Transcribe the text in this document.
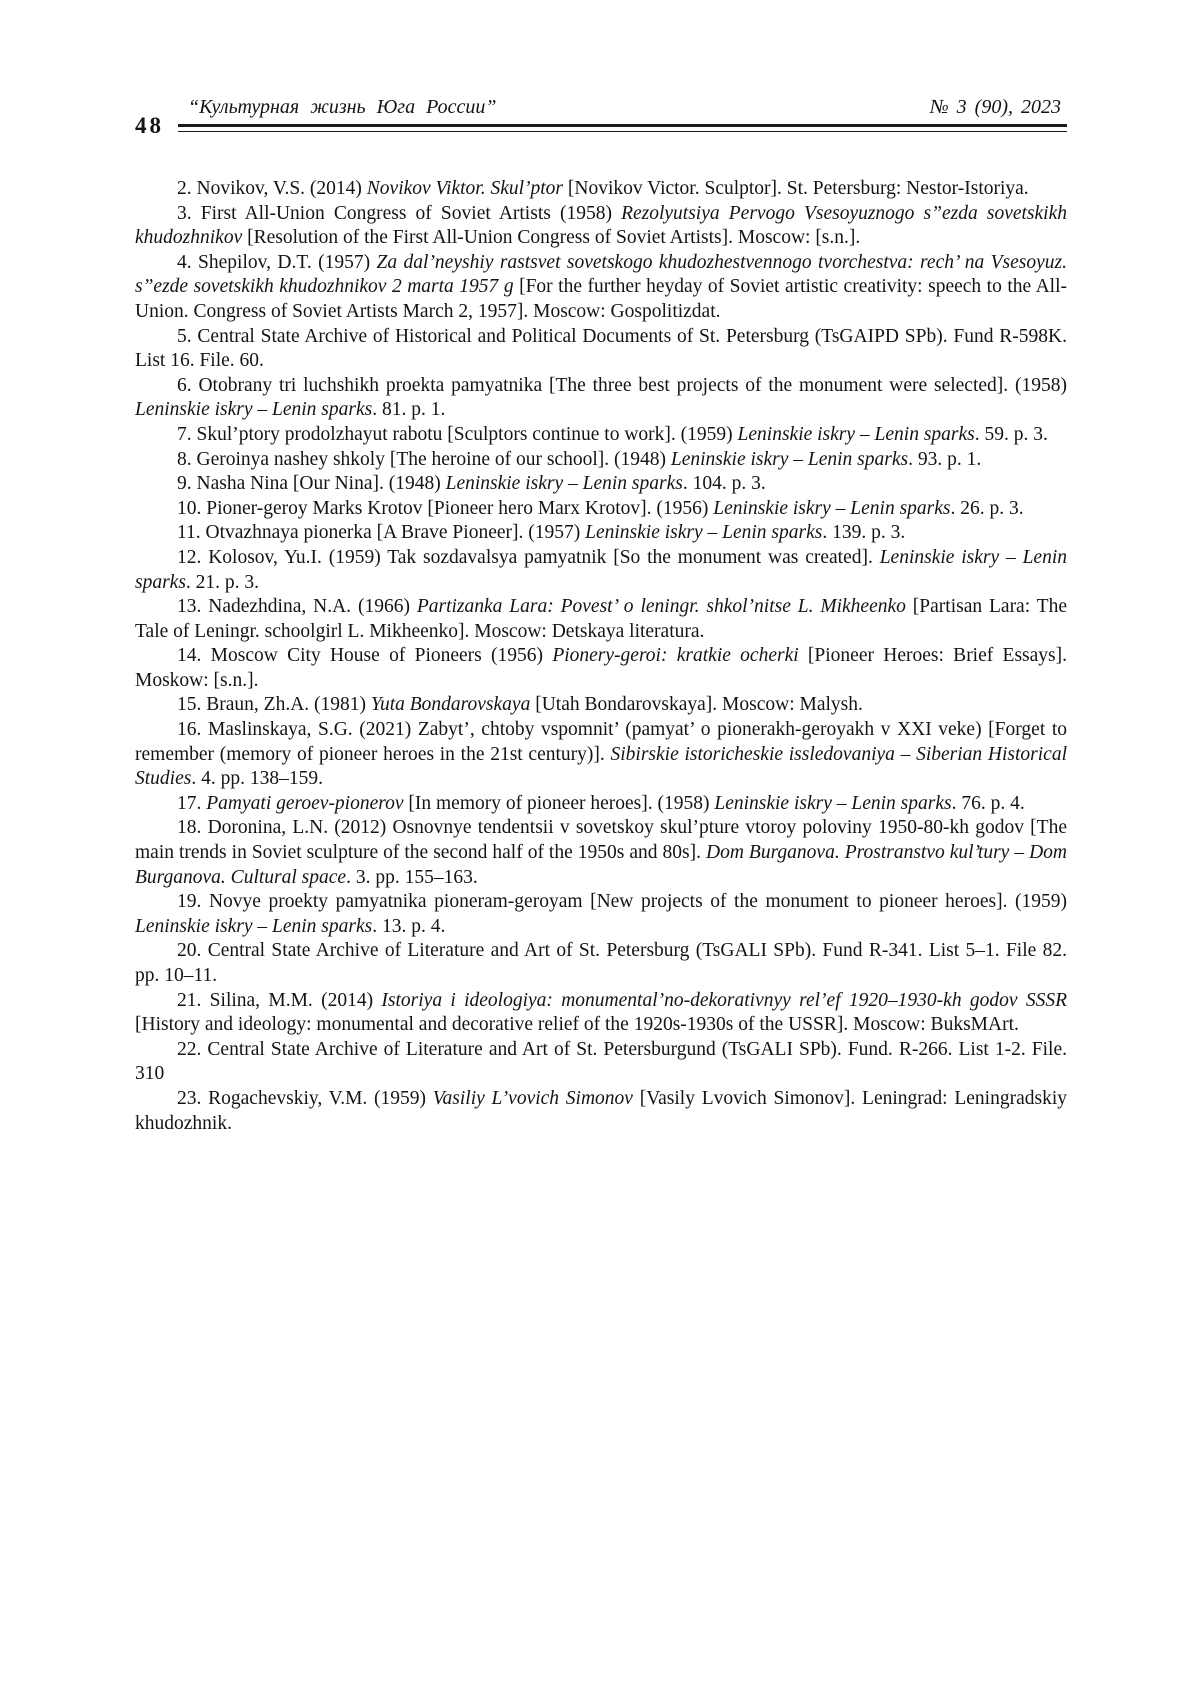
48
“Культурная жизнь Юга России”	№ 3 (90), 2023

2. Novikov, V.S. (2014) Novikov Viktor. Skul’ptor [Novikov Victor. Sculptor]. St. Petersburg: Nestor-Istoriya.

3. First All-Union Congress of Soviet Artists (1958) Rezolyutsiya Pervogo Vsesoyuznogo s”ezda sovetskikh khudozhnikov [Resolution of the First All-Union Congress of Soviet Artists]. Moscow: [s.n.].

4. Shepilov, D.T. (1957) Za dal’neyshiy rastsvet sovetskogo khudozhestvennogo tvorchestva: rech’ na Vsesoyuz. s”ezde sovetskikh khudozhnikov 2 marta 1957 g [For the further heyday of Soviet artistic creativity: speech to the All-Union. Congress of Soviet Artists March 2, 1957]. Moscow: Gospolitizdat.

5. Central State Archive of Historical and Political Documents of St. Petersburg (TsGAIPD SPb). Fund R-598K. List 16. File. 60.

6. Otobrany tri luchshikh proekta pamyatnika [The three best projects of the monument were selected]. (1958) Leninskie iskry – Lenin sparks. 81. p. 1.

7. Skul’ptory prodolzhayut rabotu [Sculptors continue to work]. (1959) Leninskie iskry – Lenin sparks. 59. p. 3.

8. Geroinya nashey shkoly [The heroine of our school]. (1948) Leninskie iskry – Lenin sparks. 93. p. 1.

9. Nasha Nina [Our Nina]. (1948) Leninskie iskry – Lenin sparks. 104. p. 3.

10. Pioner-geroy Marks Krotov [Pioneer hero Marx Krotov]. (1956) Leninskie iskry – Lenin sparks. 26. p. 3.

11. Otvazhnaya pionerka [A Brave Pioneer]. (1957) Leninskie iskry – Lenin sparks. 139. p. 3.

12. Kolosov, Yu.I. (1959) Tak sozdavalsya pamyatnik [So the monument was created]. Leninskie iskry – Lenin sparks. 21. p. 3.

13. Nadezhdina, N.A. (1966) Partizanka Lara: Povest’ o leningr. shkol’nitse L. Mikheenko [Partisan Lara: The Tale of Leningr. schoolgirl L. Mikheenko]. Moscow: Detskaya literatura.

14. Moscow City House of Pioneers (1956) Pionery-geroi: kratkie ocherki [Pioneer Heroes: Brief Essays]. Moskow: [s.n.].

15. Braun, Zh.A. (1981) Yuta Bondarovskaya [Utah Bondarovskaya]. Moscow: Malysh.

16. Maslinskaya, S.G. (2021) Zabyt’, chtoby vspomnit’ (pamyat’ o pionerakh-geroyakh v XXI veke) [Forget to remember (memory of pioneer heroes in the 21st century)]. Sibirskie istoricheskie issledovaniya – Siberian Historical Studies. 4. pp. 138–159.

17. Pamyati geroev-pionerov [In memory of pioneer heroes]. (1958) Leninskie iskry – Lenin sparks. 76. p. 4.

18. Doronina, L.N. (2012) Osnovnye tendentsii v sovetskoy skul’pture vtoroy poloviny 1950-80-kh godov [The main trends in Soviet sculpture of the second half of the 1950s and 80s]. Dom Burganova. Prostranstvo kul’tury – Dom Burganova. Cultural space. 3. pp. 155–163.

19. Novye proekty pamyatnika pioneram-geroyam [New projects of the monument to pioneer heroes]. (1959) Leninskie iskry – Lenin sparks. 13. p. 4.

20. Central State Archive of Literature and Art of St. Petersburg (TsGALI SPb). Fund R-341. List 5–1. File 82. pp. 10–11.

21. Silina, M.M. (2014) Istoriya i ideologiya: monumental’no-dekorativnyy rel’ef 1920–1930-kh godov SSSR [History and ideology: monumental and decorative relief of the 1920s-1930s of the USSR]. Moscow: BuksMArt.

22. Central State Archive of Literature and Art of St. Petersburgund (TsGALI SPb). Fund. R-266. List 1-2. File. 310

23. Rogachevskiy, V.M. (1959) Vasiliy L’vovich Simonov [Vasily Lvovich Simonov]. Leningrad: Leningradskiy khudozhnik.
